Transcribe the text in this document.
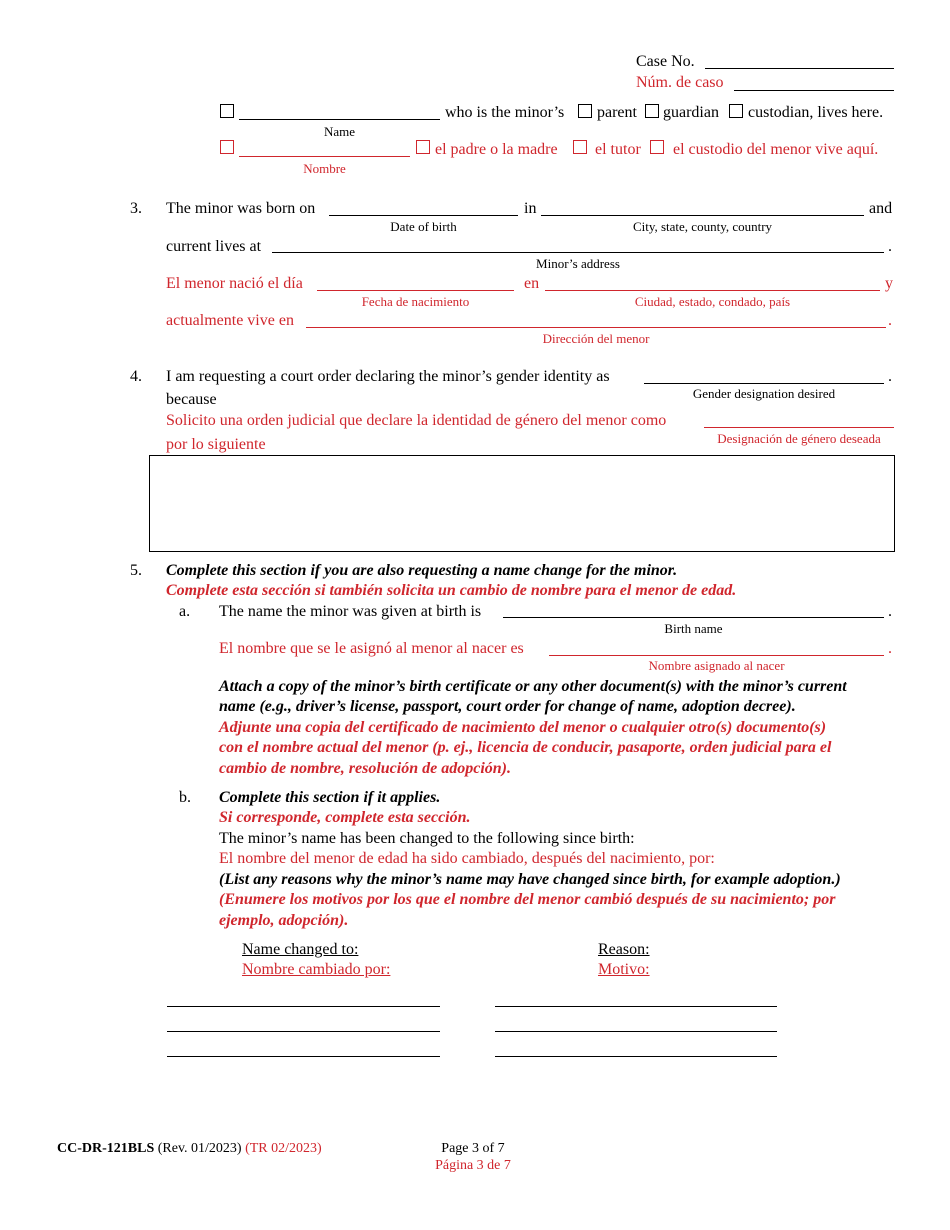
Case No.
Núm. de caso
Name
who is the minor’s parent guardian custodian, lives here.
Nombre
el padre o la madre el tutor el custodio del menor vive aquí.
3. The minor was born on
Date of birth
in
City, state, county, country
and
current lives at	.
Minor’s address
El menor nació el día
Fecha de nacimiento
en
Ciudad, estado, condado, país
y
actualmente vive en	.
Dirección del menor
4. I am requesting a court order declaring the minor’s gender identity as	.
Gender designation desired
because
Solicito una orden judicial que declare la identidad de género del menor como
Designación de género deseada
por lo siguiente
5. Complete this section if you are also requesting a name change for the minor.
Complete esta sección si también solicita un cambio de nombre para el menor de edad.
a. The name the minor was given at birth is	.
Birth name
El nombre que se le asignó al menor al nacer es	.
Nombre asignado al nacer
Attach a copy of the minor’s birth certificate or any other document(s) with the minor’s current
name (e.g., driver’s license, passport, court order for change of name, adoption decree).
Adjunte una copia del certificado de nacimiento del menor o cualquier otro(s) documento(s)
con el nombre actual del menor (p. ej., licencia de conducir, pasaporte, orden judicial para el
cambio de nombre, resolución de adopción).
b. Complete this section if it applies.
Si corresponde, complete esta sección.
The minor’s name has been changed to the following since birth:
El nombre del menor de edad ha sido cambiado, después del nacimiento, por:
(List any reasons why the minor’s name may have changed since birth, for example adoption.)
(Enumere los motivos por los que el nombre del menor cambió después de su nacimiento; por
ejemplo, adopción).
Name changed to:
Nombre cambiado por:
Reason:
Motivo:
CC-DR-121BLS (Rev. 01/2023) (TR 02/2023)	Page 3 of 7
Página 3 de 7
